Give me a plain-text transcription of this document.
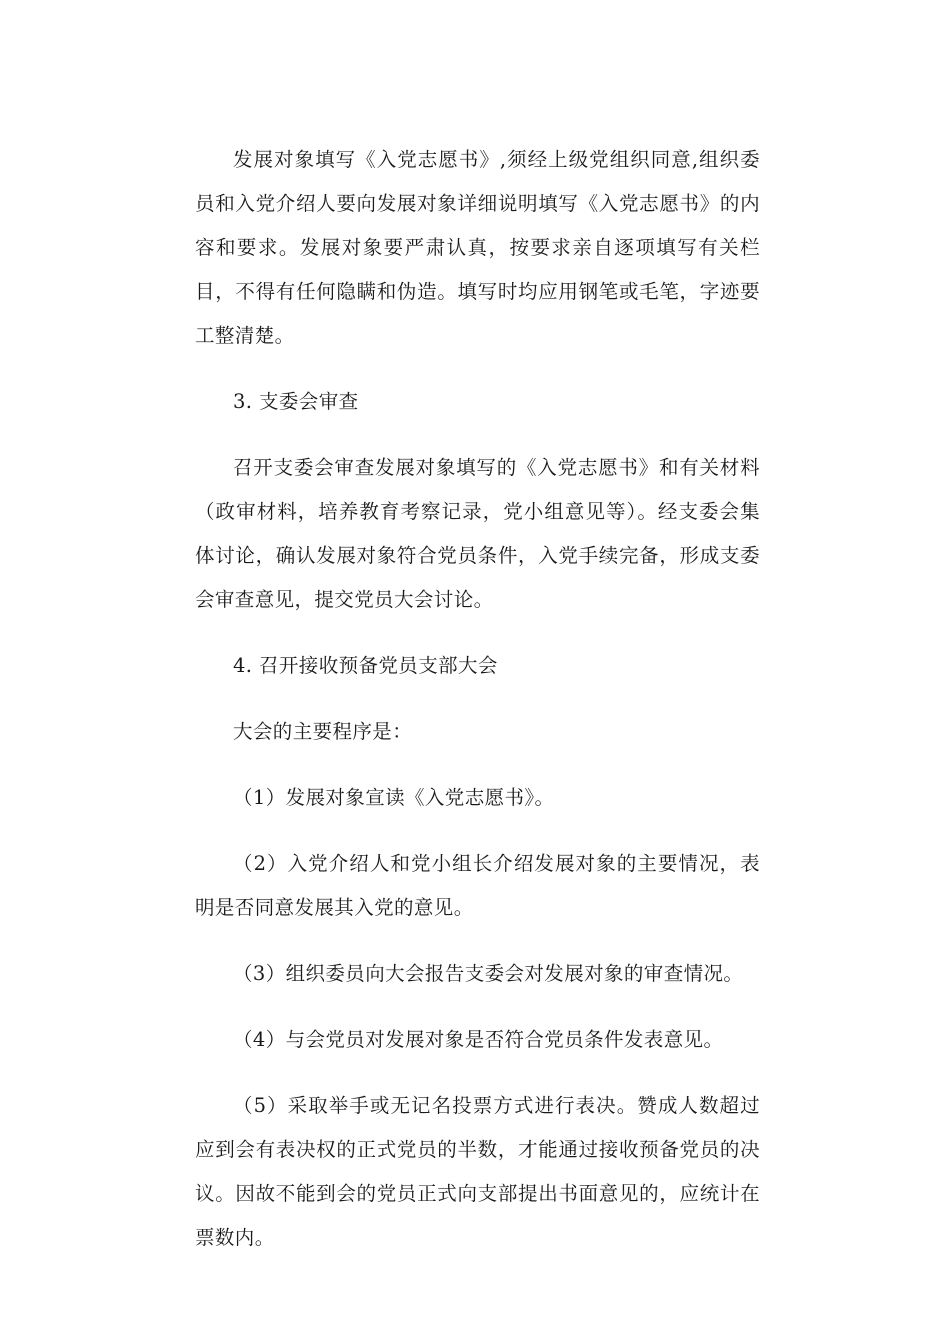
发展对象填写《入党志愿书》,须经上级党组织同意,组织委员和入党介绍人要向发展对象详细说明填写《入党志愿书》的内容和要求。发展对象要严肃认真，按要求亲自逐项填写有关栏目，不得有任何隐瞒和伪造。填写时均应用钢笔或毛笔，字迹要工整清楚。

3. 支委会审查

召开支委会审查发展对象填写的《入党志愿书》和有关材料（政审材料，培养教育考察记录，党小组意见等）。经支委会集体讨论，确认发展对象符合党员条件，入党手续完备，形成支委会审查意见，提交党员大会讨论。

4. 召开接收预备党员支部大会

大会的主要程序是：

（1）发展对象宣读《入党志愿书》。

（2）入党介绍人和党小组长介绍发展对象的主要情况，表明是否同意发展其入党的意见。

（3）组织委员向大会报告支委会对发展对象的审查情况。

（4）与会党员对发展对象是否符合党员条件发表意见。

（5）采取举手或无记名投票方式进行表决。赞成人数超过应到会有表决权的正式党员的半数，才能通过接收预备党员的决议。因故不能到会的党员正式向支部提出书面意见的，应统计在票数内。
